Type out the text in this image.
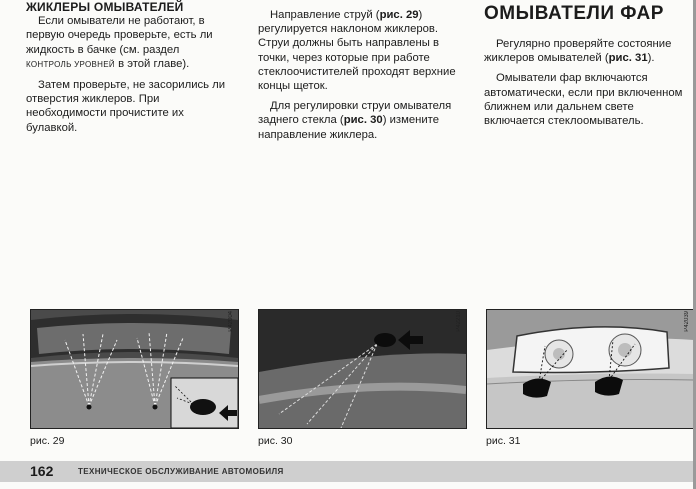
ЖИКЛЕРЫ ОМЫВАТЕЛЕЙ

Если омыватели не работают, в первую очередь проверьте, есть ли жидкость в бачке (см. раздел КОНТРОЛЬ УРОВНЕЙ в этой главе).

Затем проверьте, не засорились ли отверстия жиклеров. При необходимости прочистите их булавкой.

Направление струй (рис. 29) регулируется наклоном жиклеров. Струи должны быть направлены в точки, через которые при работе стеклоочистителей проходят верхние концы щеток.

Для регулировки струи омывателя заднего стекла (рис. 30) измените направление жиклера.

ОМЫВАТЕЛИ ФАР

Регулярно проверяйте состояние жиклеров омывателей (рис. 31).

Омыватели фар включаются автоматически, если при включенном ближнем или дальнем свете включается стеклоомыватель.

P42004	P42210	P42039
рис. 29	рис. 30	рис. 31
162	ТЕХНИЧЕСКОЕ ОБСЛУЖИВАНИЕ АВТОМОБИЛЯ
